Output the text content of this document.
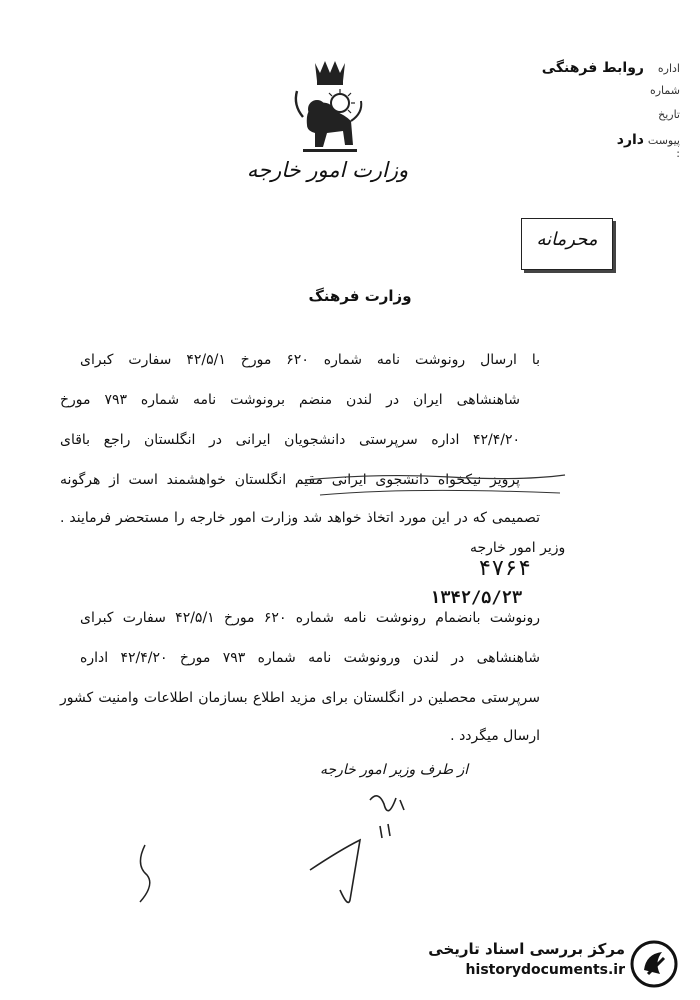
وزارت امور خارجه
اداره
روابط فرهنگی
شماره
تاریخ
پیوست :
دارد
محرمانه
وزارت فرهنگ
با ارسال رونوشت نامه شماره ۶۲۰ مورخ ۴۲/۵/۱ سفارت کبرای
شاهنشاهی ایران در لندن منضم برونوشت نامه شماره ۷۹۳ مورخ
۴۲/۴/۲۰ اداره سرپرستی دانشجویان ایرانی در انگلستان راجع باقای
پرویز نیکخواه دانشجوی ایرانی مقیم انگلستان خواهشمند است از هرگونه
تصمیمی که در این مورد اتخاذ خواهد شد وزارت امور خارجه را مستحضر فرمایند .
وزیر امور خارجه
۴۷۶۴
۱۳۴۲/۵/۲۳
رونوشت بانضمام رونوشت نامه شماره ۶۲۰ مورخ ۴۲/۵/۱ سفارت کبرای
شاهنشاهی در لندن ورونوشت نامه شماره ۷۹۳ مورخ ۴۲/۴/۲۰ اداره
سرپرستی محصلین در انگلستان برای مزید اطلاع بسازمان اطلاعات وامنیت کشور
ارسال میگردد .
از طرف وزیر امور خارجه
مرکز بررسی اسناد تاریخی
historydocuments.ir
